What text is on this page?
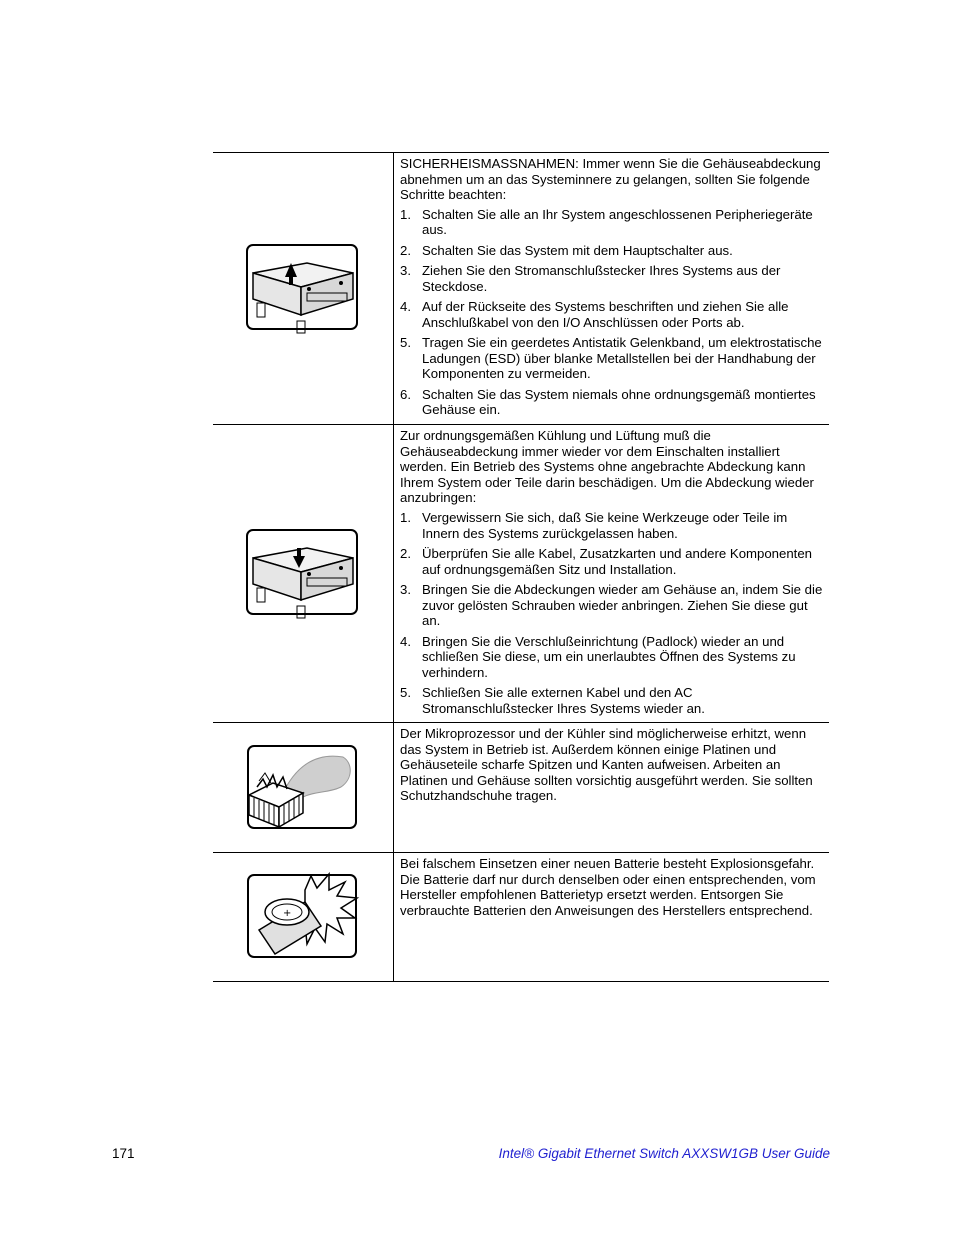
SICHERHEISMASSNAHMEN: Immer wenn Sie die Gehäuseabdeckung abnehmen um an das Systeminnere zu gelangen, sollten Sie folgende Schritte beachten:

1. Schalten Sie alle an Ihr System angeschlossenen Peripheriegeräte aus.
2. Schalten Sie das System mit dem Hauptschalter aus.
3. Ziehen Sie den Stromanschlußstecker Ihres Systems aus der Steckdose.
4. Auf der Rückseite des Systems beschriften und ziehen Sie alle Anschlußkabel von den I/O Anschlüssen oder Ports ab.
5. Tragen Sie ein geerdetes Antistatik Gelenkband, um elektrostatische Ladungen (ESD) über blanke Metallstellen bei der Handhabung der Komponenten zu vermeiden.
6. Schalten Sie das System niemals ohne ordnungsgemäß montiertes Gehäuse ein.

Zur ordnungsgemäßen Kühlung und Lüftung muß die Gehäuseabdeckung immer wieder vor dem Einschalten installiert werden. Ein Betrieb des Systems ohne angebrachte Abdeckung kann Ihrem System oder Teile darin beschädigen. Um die Abdeckung wieder anzubringen:

1. Vergewissern Sie sich, daß Sie keine Werkzeuge oder Teile im Innern des Systems zurückgelassen haben.
2. Überprüfen Sie alle Kabel, Zusatzkarten und andere Komponenten auf ordnungsgemäßen Sitz und Installation.
3. Bringen Sie die Abdeckungen wieder am Gehäuse an, indem Sie die zuvor gelösten Schrauben wieder anbringen. Ziehen Sie diese gut an.
4. Bringen Sie die Verschlußeinrichtung (Padlock) wieder an und schließen Sie diese, um ein unerlaubtes Öffnen des Systems zu verhindern.
5. Schließen Sie alle externen Kabel und den AC Stromanschlußstecker Ihres Systems wieder an.

Der Mikroprozessor und der Kühler sind möglicherweise erhitzt, wenn das System in Betrieb ist. Außerdem können einige Platinen und Gehäuseteile scharfe Spitzen und Kanten aufweisen. Arbeiten an Platinen und Gehäuse sollten vorsichtig ausgeführt werden. Sie sollten Schutzhandschuhe tragen.

+

Bei falschem Einsetzen einer neuen Batterie besteht Explosionsgefahr. Die Batterie darf nur durch denselben oder einen entsprechenden, vom Hersteller empfohlenen Batterietyp ersetzt werden. Entsorgen Sie verbrauchte Batterien den Anweisungen des Herstellers entsprechend.

171	Intel® Gigabit Ethernet Switch AXXSW1GB User Guide
